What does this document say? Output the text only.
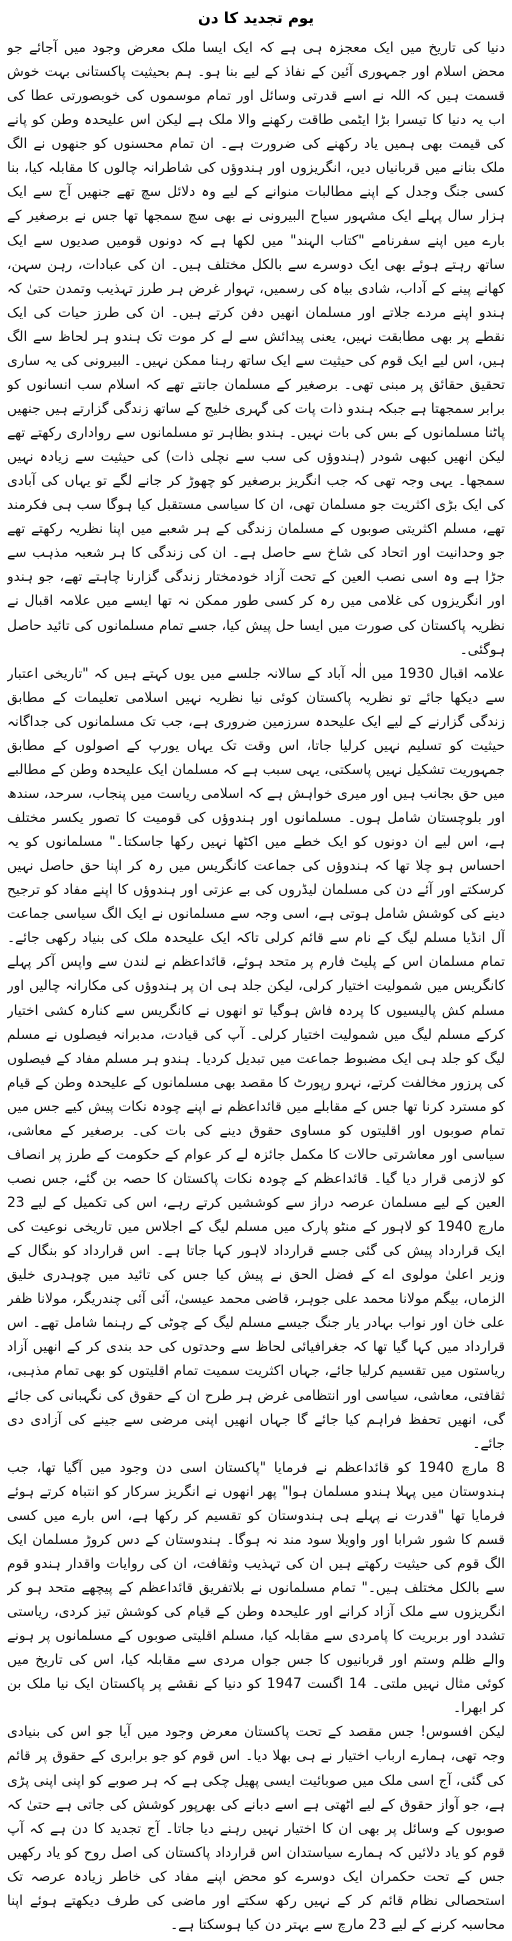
یوم تجدید کا دن

دنیا کی تاریخ میں ایک معجزہ ہی ہے کہ ایک ایسا ملک معرض وجود میں آجائے جو محض اسلام اور جمہوری آئین کے نفاذ کے لیے بنا ہو۔ ہم بحیثیت پاکستانی بہت خوش قسمت ہیں کہ اللہ نے اسے قدرتی وسائل اور تمام موسموں کی خوبصورتی عطا کی اب یہ دنیا کا تیسرا بڑا ایٹمی طاقت رکھنے والا ملک ہے لیکن اس علیحدہ وطن کو پانے کی قیمت بھی ہمیں یاد رکھنے کی ضرورت ہے۔ ان تمام محسنوں کو جنھوں نے الگ ملک بنانے میں قربانیاں دیں، انگریزوں اور ہندوؤں کی شاطرانہ چالوں کا مقابلہ کیا، بنا کسی جنگ وجدل کے اپنے مطالبات منوانے کے لیے وہ دلائل سچ تھے جنھیں آج سے ایک ہزار سال پہلے ایک مشہور سیاح البیرونی نے بھی سچ سمجھا تھا جس نے برصغیر کے بارے میں اپنے سفرنامے "کتاب الہند" میں لکھا ہے کہ دونوں قومیں صدیوں سے ایک ساتھ رہتے ہوئے بھی ایک دوسرے سے بالکل مختلف ہیں۔ ان کی عبادات، رہن سہن، کھانے پینے کے آداب، شادی بیاہ کی رسمیں، تہوار غرض ہر طرز تہذیب وتمدن حتیٰ کہ ہندو اپنے مردے جلاتے اور مسلمان انھیں دفن کرتے ہیں۔ ان کی طرز حیات کی ایک نقطے پر بھی مطابقت نہیں، یعنی پیدائش سے لے کر موت تک ہندو ہر لحاظ سے الگ ہیں، اس لیے ایک قوم کی حیثیت سے ایک ساتھ رہنا ممکن نہیں۔ البیرونی کی یہ ساری تحقیق حقائق پر مبنی تھی۔ برصغیر کے مسلمان جانتے تھے کہ اسلام سب انسانوں کو برابر سمجھتا ہے جبکہ ہندو ذات پات کی گہری خلیج کے ساتھ زندگی گزارتے ہیں جنھیں پاٹنا مسلمانوں کے بس کی بات نہیں۔ ہندو بظاہر تو مسلمانوں سے رواداری رکھتے تھے لیکن انھیں کبھی شودر (ہندوؤں کی سب سے نچلی ذات) کی حیثیت سے زیادہ نہیں سمجھا۔ یہی وجہ تھی کہ جب انگریز برصغیر کو چھوڑ کر جانے لگے تو یہاں کی آبادی کی ایک بڑی اکثریت جو مسلمان تھی، ان کا سیاسی مستقبل کیا ہوگا سب ہی فکرمند تھے، مسلم اکثریتی صوبوں کے مسلمان زندگی کے ہر شعبے میں اپنا نظریہ رکھتے تھے جو وحدانیت اور اتحاد کی شاخ سے حاصل ہے۔ ان کی زندگی کا ہر شعبہ مذہب سے جڑا ہے وہ اسی نصب العین کے تحت آزاد خودمختار زندگی گزارنا چاہتے تھے، جو ہندو اور انگریزوں کی غلامی میں رہ کر کسی طور ممکن نہ تھا ایسے میں علامہ اقبال نے نظریہ پاکستان کی صورت میں ایسا حل پیش کیا، جسے تمام مسلمانوں کی تائید حاصل ہوگئی۔

علامہ اقبال 1930 میں الٰہ آباد کے سالانہ جلسے میں یوں کہتے ہیں کہ "تاریخی اعتبار سے دیکھا جائے تو نظریہ پاکستان کوئی نیا نظریہ نہیں اسلامی تعلیمات کے مطابق زندگی گزارنے کے لیے ایک علیحدہ سرزمین ضروری ہے، جب تک مسلمانوں کی جداگانہ حیثیت کو تسلیم نہیں کرلیا جاتا، اس وقت تک یہاں یورپ کے اصولوں کے مطابق جمہوریت تشکیل نہیں پاسکتی، یہی سبب ہے کہ مسلمان ایک علیحدہ وطن کے مطالبے میں حق بجانب ہیں اور میری خواہش ہے کہ اسلامی ریاست میں پنجاب، سرحد، سندھ اور بلوچستان شامل ہوں۔ مسلمانوں اور ہندوؤں کی قومیت کا تصور یکسر مختلف ہے، اس لیے ان دونوں کو ایک خطے میں اکٹھا نہیں رکھا جاسکتا۔" مسلمانوں کو یہ احساس ہو چلا تھا کہ ہندوؤں کی جماعت کانگریس میں رہ کر اپنا حق حاصل نہیں کرسکتے اور آئے دن کی مسلمان لیڈروں کی بے عزتی اور ہندوؤں کا اپنے مفاد کو ترجیح دینے کی کوشش شامل ہوتی ہے، اسی وجہ سے مسلمانوں نے ایک الگ سیاسی جماعت آل انڈیا مسلم لیگ کے نام سے قائم کرلی تاکہ ایک علیحدہ ملک کی بنیاد رکھی جائے۔ تمام مسلمان اس کے پلیٹ فارم پر متحد ہوئے، قائداعظم نے لندن سے واپس آکر پہلے کانگریس میں شمولیت اختیار کرلی، لیکن جلد ہی ان پر ہندوؤں کی مکارانہ چالیں اور مسلم کش پالیسیوں کا پردہ فاش ہوگیا تو انھوں نے کانگریس سے کنارہ کشی اختیار کرکے مسلم لیگ میں شمولیت اختیار کرلی۔ آپ کی قیادت، مدبرانہ فیصلوں نے مسلم لیگ کو جلد ہی ایک مضبوط جماعت میں تبدیل کردیا۔ ہندو ہر مسلم مفاد کے فیصلوں کی پرزور مخالفت کرتے، نہرو رپورٹ کا مقصد بھی مسلمانوں کے علیحدہ وطن کے قیام کو مسترد کرنا تھا جس کے مقابلے میں قائداعظم نے اپنے چودہ نکات پیش کیے جس میں تمام صوبوں اور اقلیتوں کو مساوی حقوق دینے کی بات کی۔ برصغیر کے معاشی، سیاسی اور معاشرتی حالات کا مکمل جائزہ لے کر عوام کے حکومت کے طرز پر انصاف کو لازمی قرار دیا گیا۔ قائداعظم کے چودہ نکات پاکستان کا حصہ بن گئے، جس نصب العین کے لیے مسلمان عرصہ دراز سے کوششیں کرتے رہے، اس کی تکمیل کے لیے 23 مارچ 1940 کو لاہور کے منٹو پارک میں مسلم لیگ کے اجلاس میں تاریخی نوعیت کی ایک قرارداد پیش کی گئی جسے قرارداد لاہور کہا جاتا ہے۔ اس قرارداد کو بنگال کے وزیر اعلیٰ مولوی اے کے فضل الحق نے پیش کیا جس کی تائید میں چوہدری خلیق الزماں، بیگم مولانا محمد علی جوہر، قاضی محمد عیسیٰ، آئی آئی چندریگر، مولانا ظفر علی خان اور نواب بہادر یار جنگ جیسے مسلم لیگ کے چوٹی کے رہنما شامل تھے۔ اس قرارداد میں کہا گیا تھا کہ جغرافیائی لحاظ سے وحدتوں کی حد بندی کر کے انھیں آزاد ریاستوں میں تقسیم کرلیا جائے، جہاں اکثریت سمیت تمام اقلیتوں کو بھی تمام مذہبی، ثقافتی، معاشی، سیاسی اور انتظامی غرض ہر طرح ان کے حقوق کی نگہبانی کی جائے گی، انھیں تحفظ فراہم کیا جائے گا جہاں انھیں اپنی مرضی سے جینے کی آزادی دی جائے۔

8 مارچ 1940 کو قائداعظم نے فرمایا "پاکستان اسی دن وجود میں آگیا تھا، جب ہندوستان میں پہلا ہندو مسلمان ہوا" پھر انھوں نے انگریز سرکار کو انتباہ کرتے ہوئے فرمایا تھا "قدرت نے پہلے ہی ہندوستان کو تقسیم کر رکھا ہے، اس بارے میں کسی قسم کا شور شرابا اور واویلا سود مند نہ ہوگا۔ ہندوستان کے دس کروڑ مسلمان ایک الگ قوم کی حیثیت رکھتے ہیں ان کی تہذیب وثقافت، ان کی روایات واقدار ہندو قوم سے بالکل مختلف ہیں۔" تمام مسلمانوں نے بلاتفریق قائداعظم کے پیچھے متحد ہو کر انگریزوں سے ملک آزاد کرانے اور علیحدہ وطن کے قیام کی کوشش تیز کردی، ریاستی تشدد اور بربریت کا پامردی سے مقابلہ کیا، مسلم اقلیتی صوبوں کے مسلمانوں پر ہونے والے ظلم وستم اور قربانیوں کا جس جواں مردی سے مقابلہ کیا، اس کی تاریخ میں کوئی مثال نہیں ملتی۔ 14 اگست 1947 کو دنیا کے نقشے پر پاکستان ایک نیا ملک بن کر ابھرا۔

لیکن افسوس! جس مقصد کے تحت پاکستان معرض وجود میں آیا جو اس کی بنیادی وجہ تھی، ہمارے ارباب اختیار نے ہی بھلا دیا۔ اس قوم کو جو برابری کے حقوق پر قائم کی گئی، آج اسی ملک میں صوبائیت ایسی پھیل چکی ہے کہ ہر صوبے کو اپنی اپنی پڑی ہے، جو آواز حقوق کے لیے اٹھتی ہے اسے دبانے کی بھرپور کوشش کی جاتی ہے حتیٰ کہ صوبوں کے وسائل پر بھی ان کا اختیار نہیں رہنے دیا جاتا۔ آج تجدید کا دن ہے کہ آپ قوم کو یاد دلائیں کہ ہمارے سیاستدان اس قرارداد پاکستان کی اصل روح کو یاد رکھیں جس کے تحت حکمران ایک دوسرے کو محض اپنے مفاد کی خاطر زیادہ عرصہ تک استحصالی نظام قائم کر کے نہیں رکھ سکتے اور ماضی کی طرف دیکھتے ہوئے اپنا محاسبہ کرنے کے لیے 23 مارچ سے بہتر دن کیا ہوسکتا ہے۔
